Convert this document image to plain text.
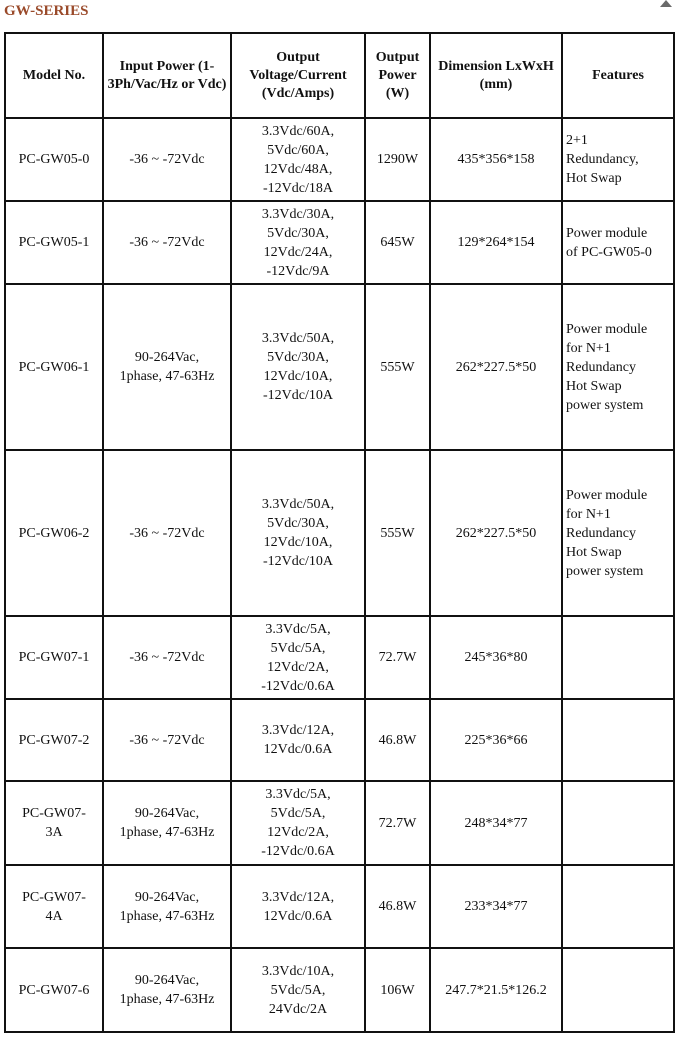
GW-SERIES
Model No.	Input Power (1-3Ph/Vac/Hz or Vdc)	Output Voltage/Current (Vdc/Amps)	Output Power (W)	Dimension LxWxH (mm)	Features
PC-GW05-0	-36 ~ -72Vdc	3.3Vdc/60A,
5Vdc/60A,
12Vdc/48A,
-12Vdc/18A	1290W	435*356*158	2+1
Redundancy,
Hot Swap
PC-GW05-1	-36 ~ -72Vdc	3.3Vdc/30A,
5Vdc/30A,
12Vdc/24A,
-12Vdc/9A	645W	129*264*154	Power module
of PC-GW05-0
PC-GW06-1	90-264Vac,
1phase, 47-63Hz	3.3Vdc/50A,
5Vdc/30A,
12Vdc/10A,
-12Vdc/10A	555W	262*227.5*50	Power module
for N+1
Redundancy
Hot Swap
power system
PC-GW06-2	-36 ~ -72Vdc	3.3Vdc/50A,
5Vdc/30A,
12Vdc/10A,
-12Vdc/10A	555W	262*227.5*50	Power module
for N+1
Redundancy
Hot Swap
power system
PC-GW07-1	-36 ~ -72Vdc	3.3Vdc/5A,
5Vdc/5A,
12Vdc/2A,
-12Vdc/0.6A	72.7W	245*36*80	
PC-GW07-2	-36 ~ -72Vdc	3.3Vdc/12A,
12Vdc/0.6A	46.8W	225*36*66	
PC-GW07-
3A	90-264Vac,
1phase, 47-63Hz	3.3Vdc/5A,
5Vdc/5A,
12Vdc/2A,
-12Vdc/0.6A	72.7W	248*34*77	
PC-GW07-
4A	90-264Vac,
1phase, 47-63Hz	3.3Vdc/12A,
12Vdc/0.6A	46.8W	233*34*77	
PC-GW07-6	90-264Vac,
1phase, 47-63Hz	3.3Vdc/10A,
5Vdc/5A,
24Vdc/2A	106W	247.7*21.5*126.2	
